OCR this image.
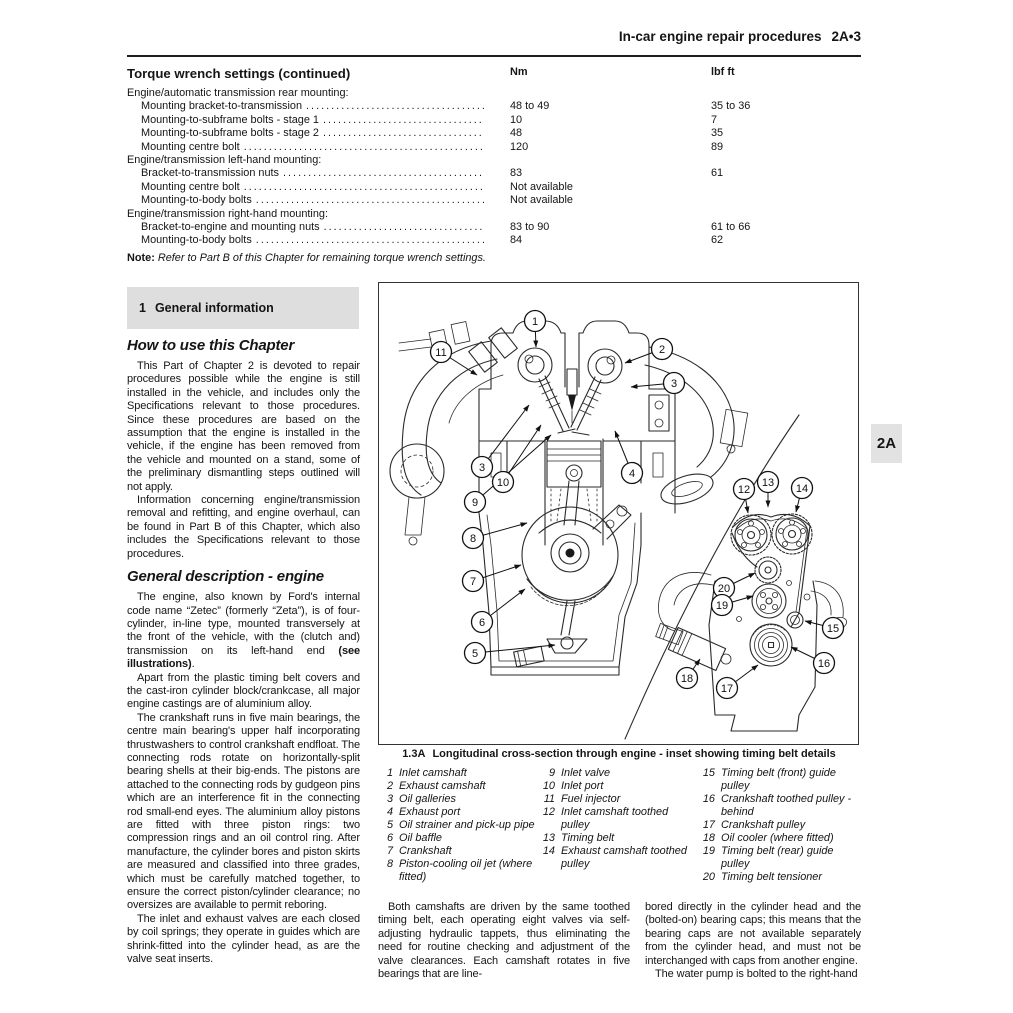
In-car engine repair procedures 2A•3
Torque wrench settings (continued)	Nm	lbf ft
Engine/automatic transmission rear mounting:
Mounting bracket-to-transmission .....	48 to 49	35 to 36
Mounting-to-subframe bolts - stage 1 .....	10	7
Mounting-to-subframe bolts - stage 2 .....	48	35
Mounting centre bolt .....	120	89
Engine/transmission left-hand mounting:
Bracket-to-transmission nuts .....	83	61
Mounting centre bolt .....	Not available
Mounting-to-body bolts .....	Not available
Engine/transmission right-hand mounting:
Bracket-to-engine and mounting nuts .....	83 to 90	61 to 66
Mounting-to-body bolts .....	84	62
Note: Refer to Part B of this Chapter for remaining torque wrench settings.
1 General information
How to use this Chapter

This Part of Chapter 2 is devoted to repair procedures possible while the engine is still installed in the vehicle, and includes only the Specifications relevant to those procedures. Since these procedures are based on the assumption that the engine is installed in the vehicle, if the engine has been removed from the vehicle and mounted on a stand, some of the preliminary dismantling steps outlined will not apply.

Information concerning engine/transmission removal and refitting, and engine overhaul, can be found in Part B of this Chapter, which also includes the Specifications relevant to those procedures.

General description - engine

The engine, also known by Ford's internal code name “Zetec” (formerly “Zeta”), is of four-cylinder, in-line type, mounted transversely at the front of the vehicle, with the (clutch and) transmission on its left-hand end (see illustrations).

Apart from the plastic timing belt covers and the cast-iron cylinder block/crankcase, all major engine castings are of aluminium alloy.

The crankshaft runs in five main bearings, the centre main bearing's upper half incorporating thrustwashers to control crankshaft endfloat. The connecting rods rotate on horizontally-split bearing shells at their big-ends. The pistons are attached to the connecting rods by gudgeon pins which are an interference fit in the connecting rod small-end eyes. The aluminium alloy pistons are fitted with three piston rings: two compression rings and an oil control ring. After manufacture, the cylinder bores and piston skirts are measured and classified into three grades, which must be carefully matched together, to ensure the correct piston/cylinder clearance; no oversizes are available to permit reboring.

The inlet and exhaust valves are each closed by coil springs; they operate in guides which are shrink-fitted into the cylinder head, as are the valve seat inserts.

1
11	2
3
3
10
9
4
8
7
6
5
12
13 14
20
19
15
16
18
17
1.3A Longitudinal cross-section through engine - inset showing timing belt details
1 Inlet camshaft
2 Exhaust camshaft
3 Oil galleries
4 Exhaust port
5 Oil strainer and pick-up pipe
6 Oil baffle
7 Crankshaft
8 Piston-cooling oil jet (where fitted)
9 Inlet valve
10 Inlet port
11 Fuel injector
12 Inlet camshaft toothed pulley
13 Timing belt
14 Exhaust camshaft toothed pulley
15 Timing belt (front) guide pulley
16 Crankshaft toothed pulley - behind
17 Crankshaft pulley
18 Oil cooler (where fitted)
19 Timing belt (rear) guide pulley
20 Timing belt tensioner

Both camshafts are driven by the same toothed timing belt, each operating eight valves via self-adjusting hydraulic tappets, thus eliminating the need for routine checking and adjustment of the valve clearances. Each camshaft rotates in five bearings that are line-

bored directly in the cylinder head and the (bolted-on) bearing caps; this means that the bearing caps are not available separately from the cylinder head, and must not be interchanged with caps from another engine.

The water pump is bolted to the right-hand

2A
